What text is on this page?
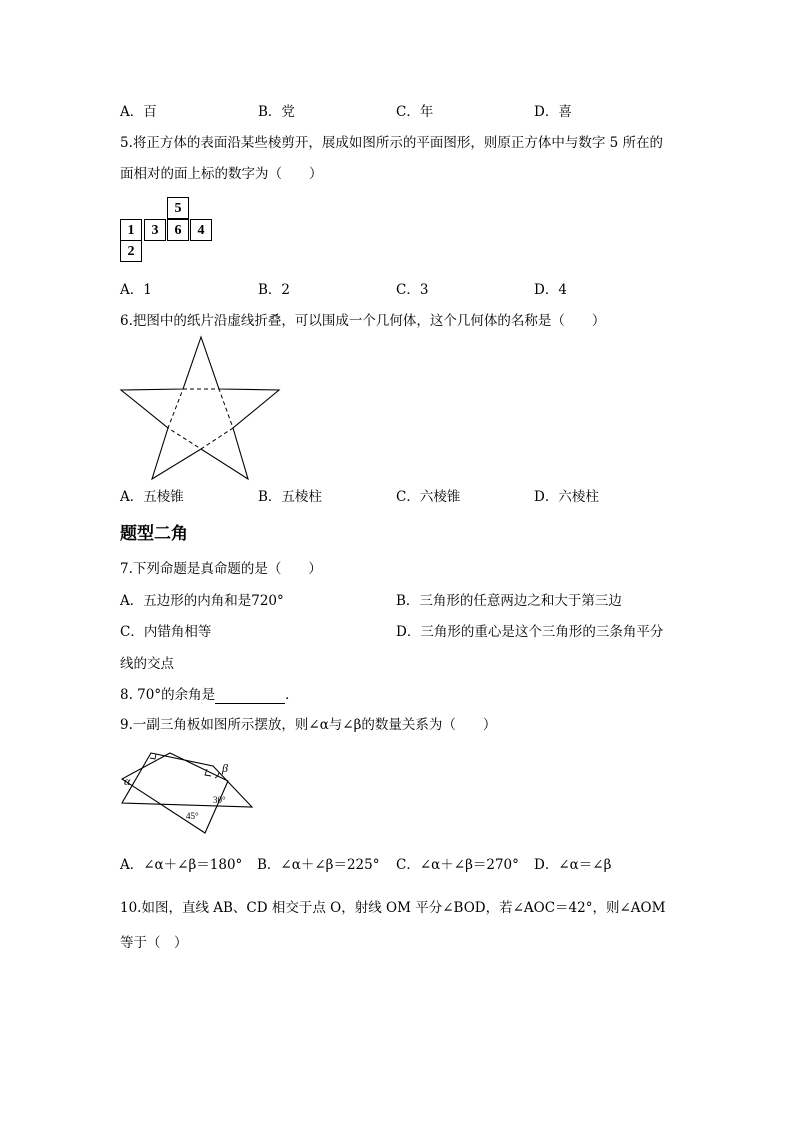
A．百	B．党	C．年	D．喜
5.将正方体的表面沿某些棱剪开，展成如图所示的平面图形，则原正方体中与数字 5 所在的
面相对的面上标的数字为（　　）
5
1	3	6	4
2
A．1	B．2	C．3	D．4
6.把图中的纸片沿虚线折叠，可以围成一个几何体，这个几何体的名称是（　　）
A．五棱锥	B．五棱柱	C．六棱锥	D．六棱柱
题型二角
7.下列命题是真命题的是（　　）
A．五边形的内角和是720°	B．三角形的任意两边之和大于第三边
C．内错角相等	D．三角形的重心是这个三角形的三条角平分
线的交点
8. 70°的余角是	．
9.一副三角板如图所示摆放，则∠α与∠β的数量关系为（　　）
α
β
30°
45°
A．∠α＋∠β＝180° B．∠α＋∠β＝225° C．∠α＋∠β＝270° D．∠α＝∠β
10.如图，直线 AB、CD 相交于点 O，射线 OM 平分∠BOD，若∠AOC＝42°，则∠AOM
等于（　）
